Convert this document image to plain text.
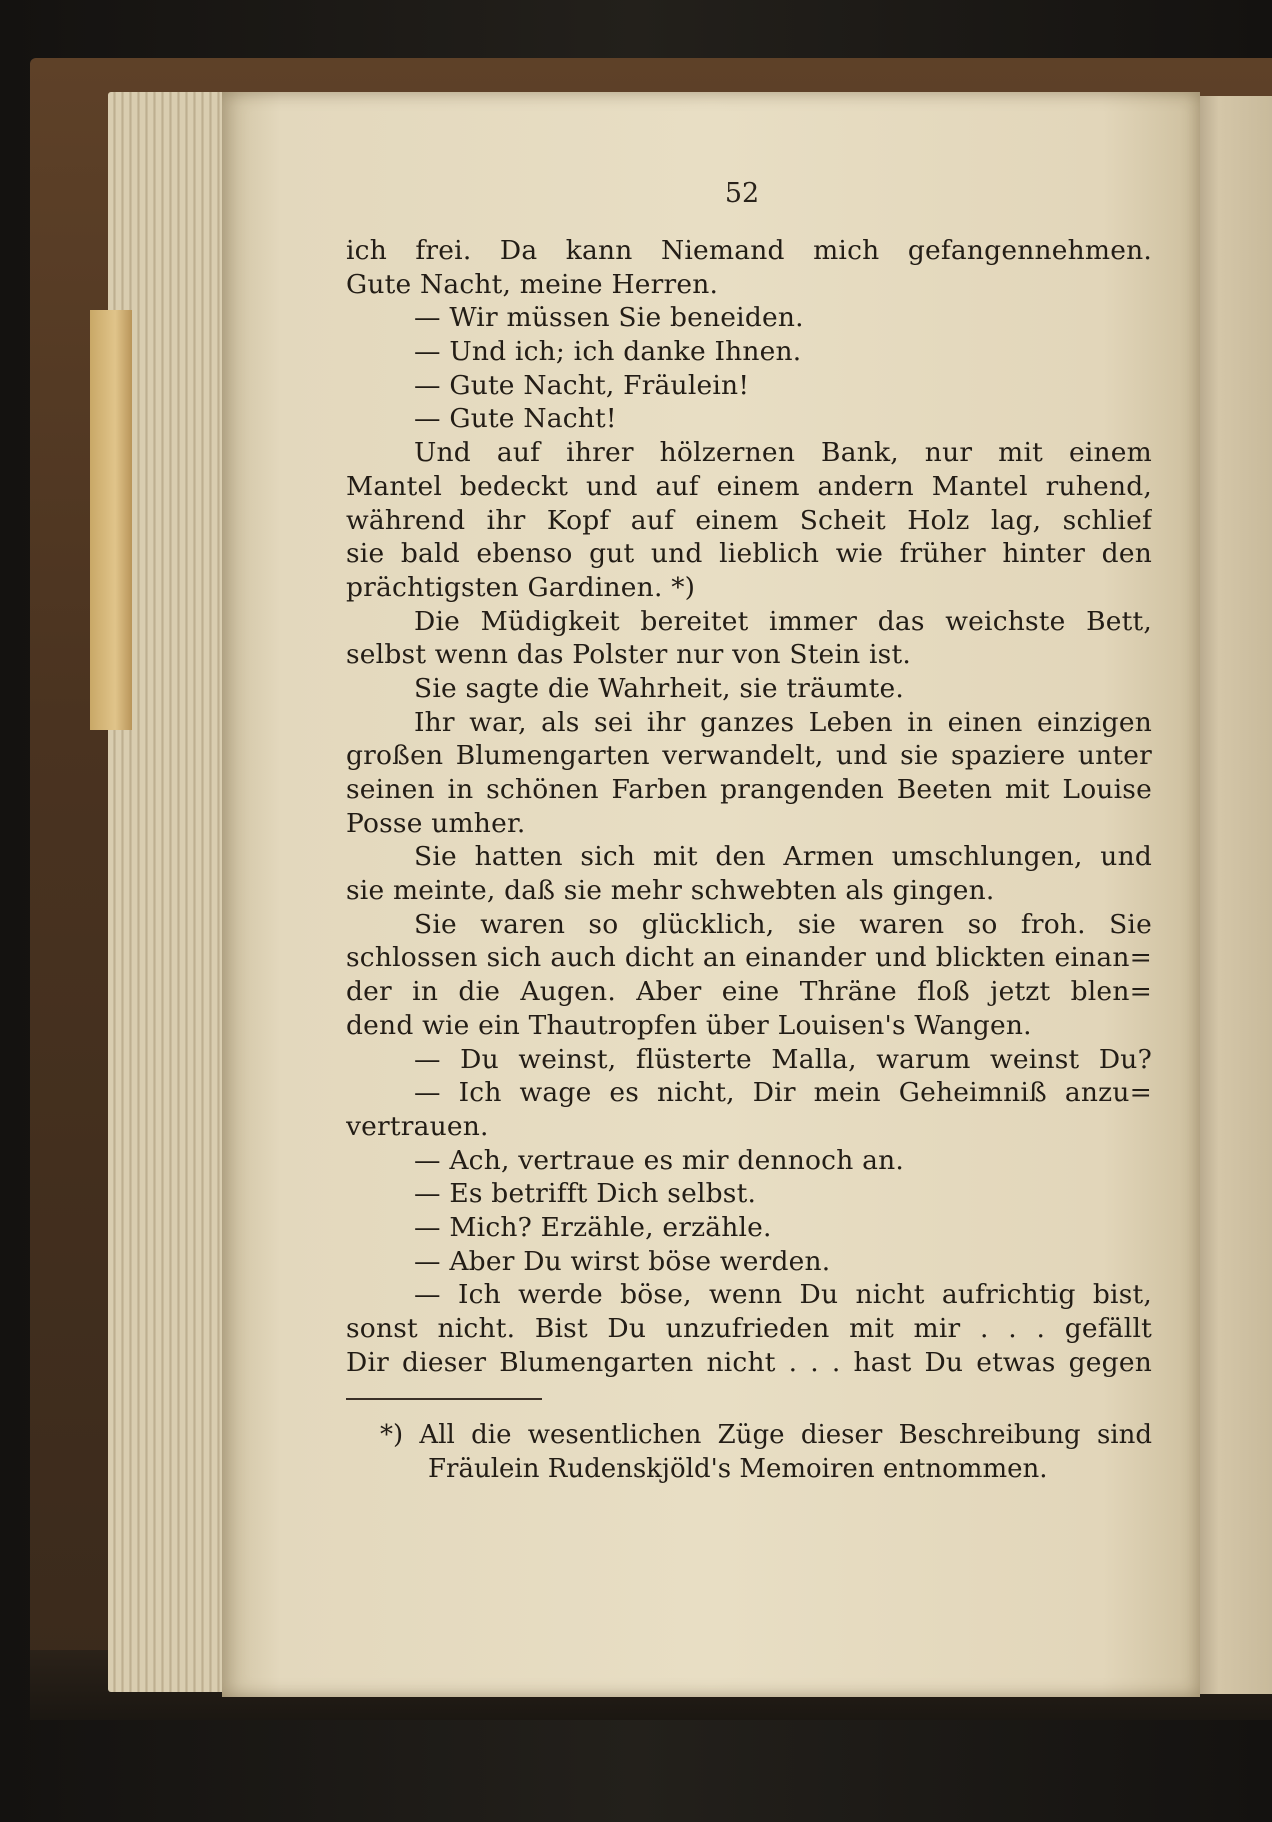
52
ich frei. Da kann Niemand mich gefangennehmen.
Gute Nacht, meine Herren.
— Wir müssen Sie beneiden.
— Und ich; ich danke Ihnen.
— Gute Nacht, Fräulein!
— Gute Nacht!
Und auf ihrer hölzernen Bank, nur mit einem
Mantel bedeckt und auf einem andern Mantel ruhend,
während ihr Kopf auf einem Scheit Holz lag, schlief
sie bald ebenso gut und lieblich wie früher hinter den
prächtigsten Gardinen. *)
Die Müdigkeit bereitet immer das weichste Bett,
selbst wenn das Polster nur von Stein ist.
Sie sagte die Wahrheit, sie träumte.
Ihr war, als sei ihr ganzes Leben in einen einzigen
großen Blumengarten verwandelt, und sie spaziere unter
seinen in schönen Farben prangenden Beeten mit Louise
Posse umher.
Sie hatten sich mit den Armen umschlungen, und
sie meinte, daß sie mehr schwebten als gingen.
Sie waren so glücklich, sie waren so froh. Sie
schlossen sich auch dicht an einander und blickten einan=
der in die Augen. Aber eine Thräne floß jetzt blen=
dend wie ein Thautropfen über Louisen's Wangen.
— Du weinst, flüsterte Malla, warum weinst Du?
— Ich wage es nicht, Dir mein Geheimniß anzu=
vertrauen.
— Ach, vertraue es mir dennoch an.
— Es betrifft Dich selbst.
— Mich? Erzähle, erzähle.
— Aber Du wirst böse werden.
— Ich werde böse, wenn Du nicht aufrichtig bist,
sonst nicht. Bist Du unzufrieden mit mir . . . gefällt
Dir dieser Blumengarten nicht . . . hast Du etwas gegen
*) All die wesentlichen Züge dieser Beschreibung sind
Fräulein Rudenskjöld's Memoiren entnommen.
